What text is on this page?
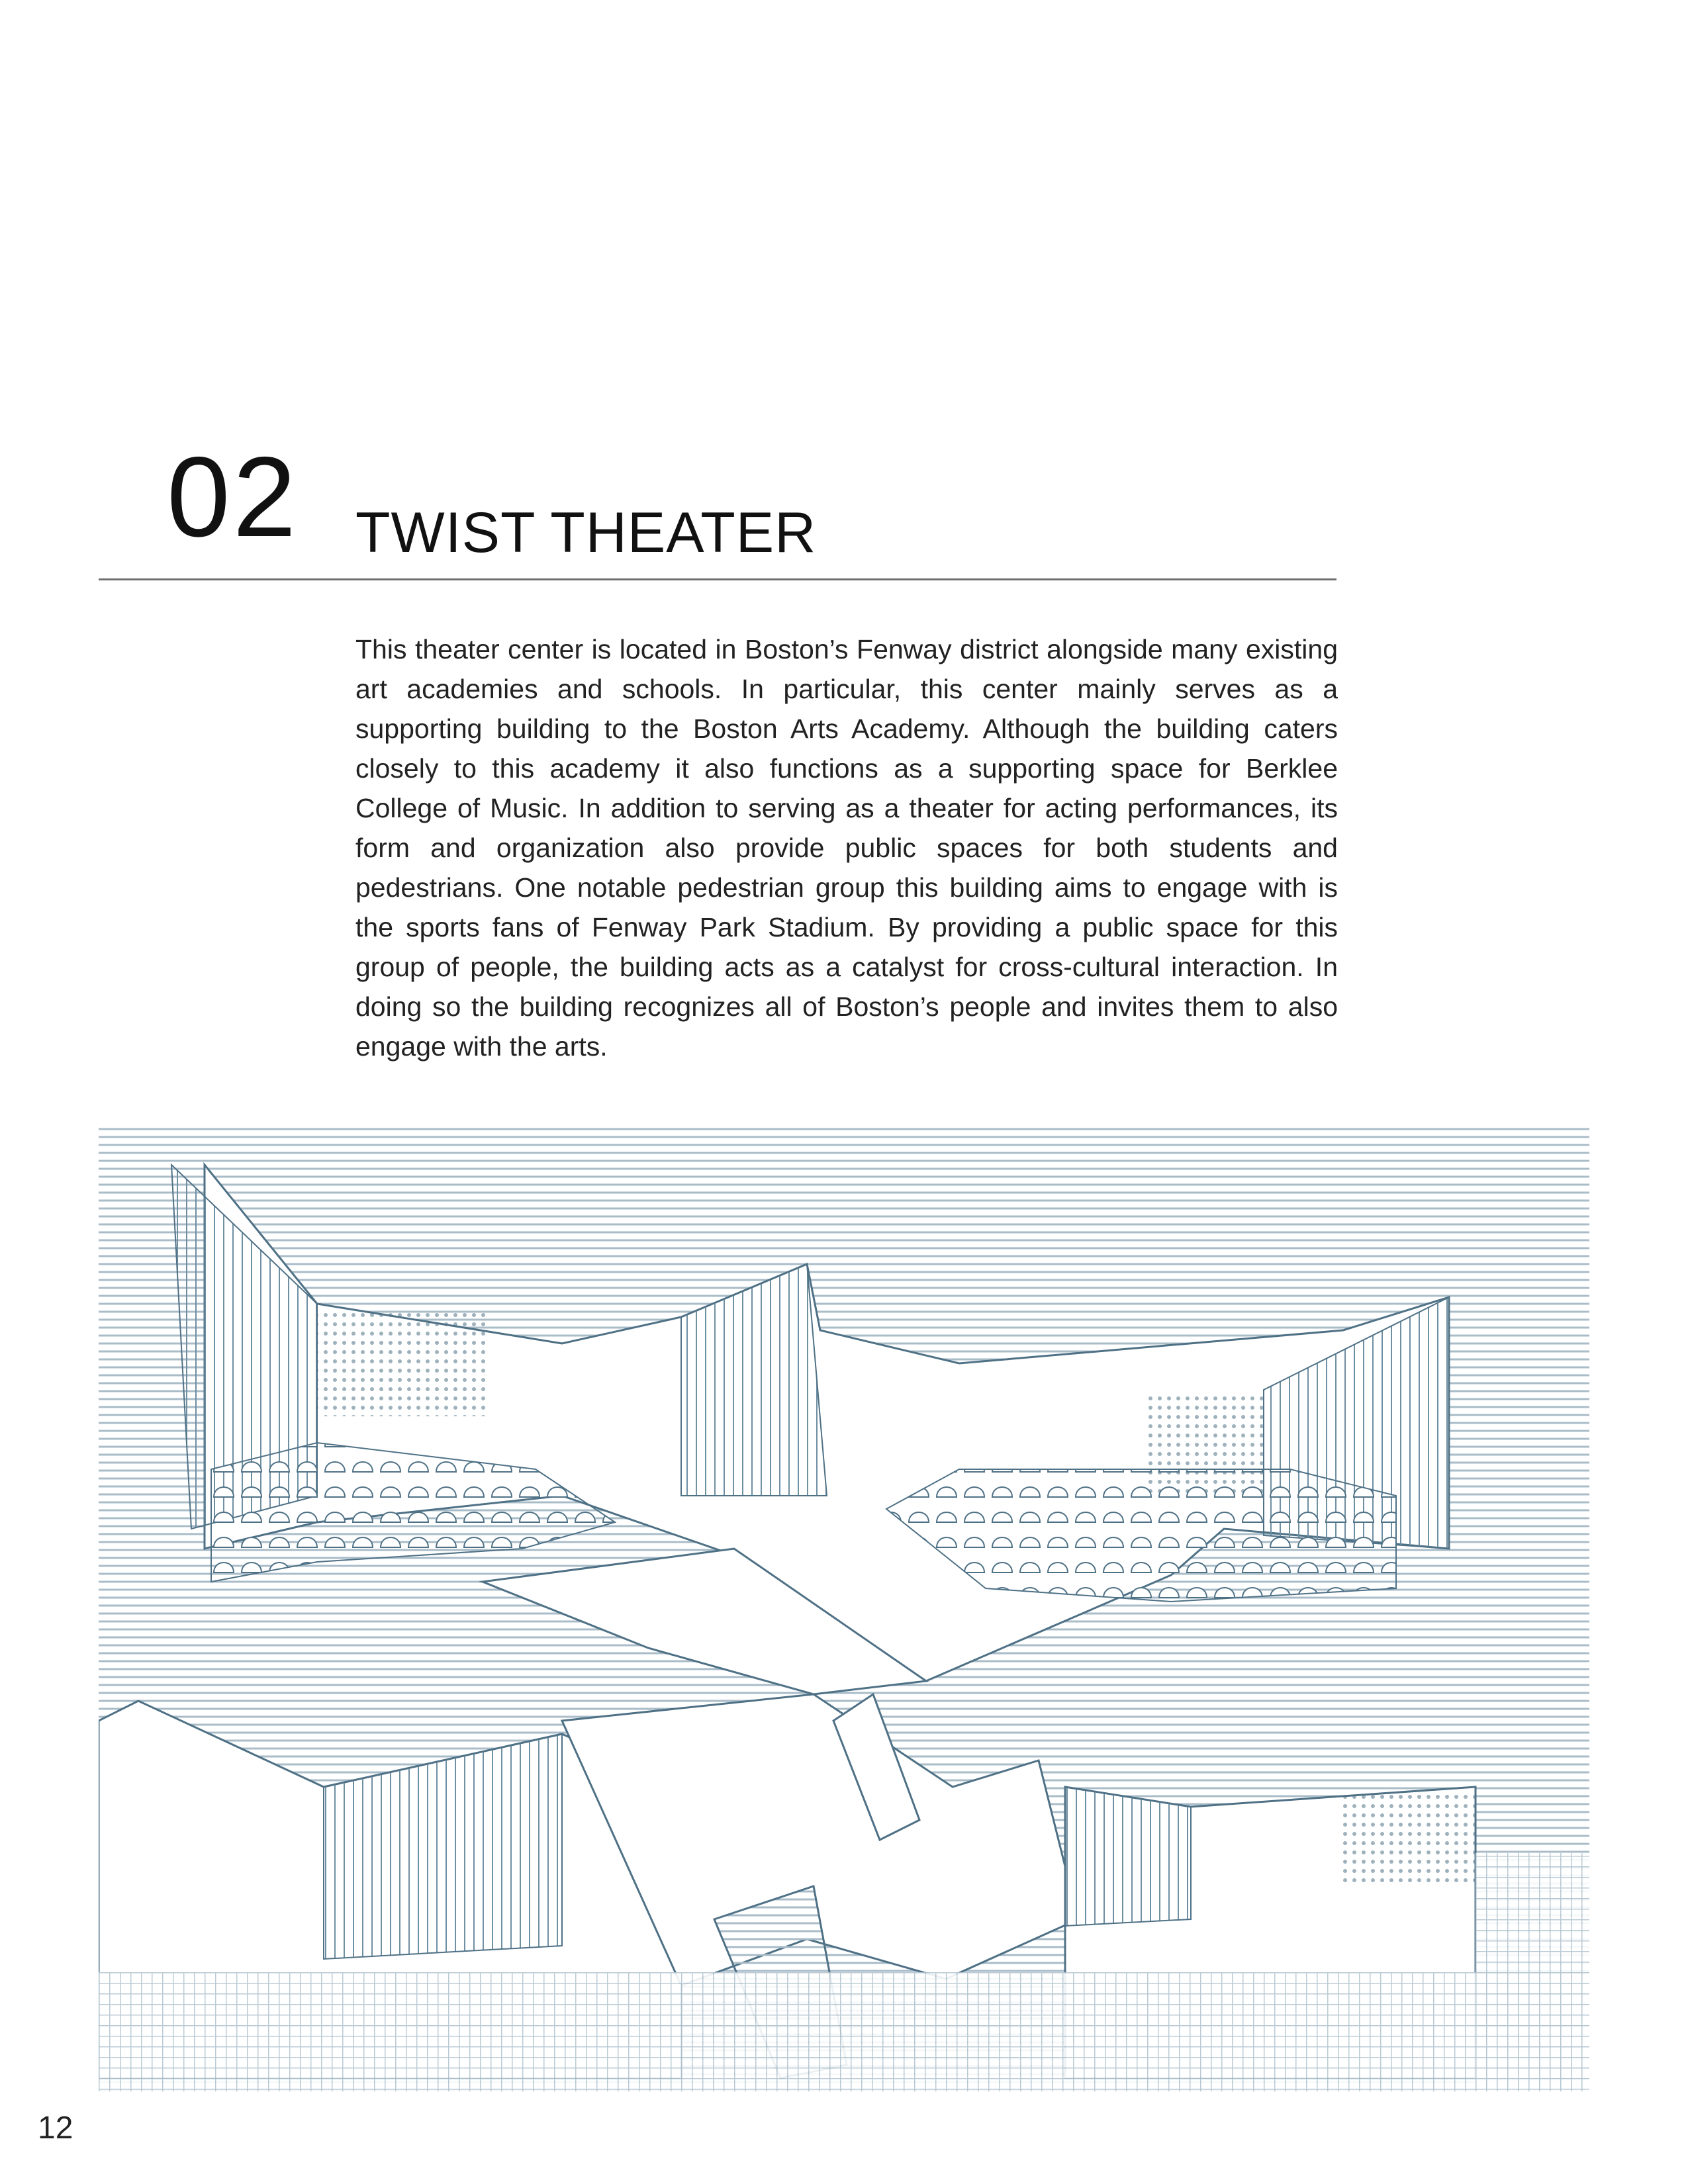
02 TWIST THEATER

This theater center is located in Boston’s Fenway district alongside many existing art academies and schools. In particular, this center mainly serves as a supporting building to the Boston Arts Academy. Although the building caters closely to this academy it also functions as a supporting space for Berklee College of Music. In addition to serving as a theater for acting performances, its form and organization also provide public spaces for both students and pedestrians. One notable pedestrian group this building aims to engage with is the sports fans of Fenway Park Stadium. By providing a public space for this group of people, the building acts as a catalyst for cross-cultural interaction. In doing so the building recognizes all of Boston’s people and invites them to also engage with the arts.

12
